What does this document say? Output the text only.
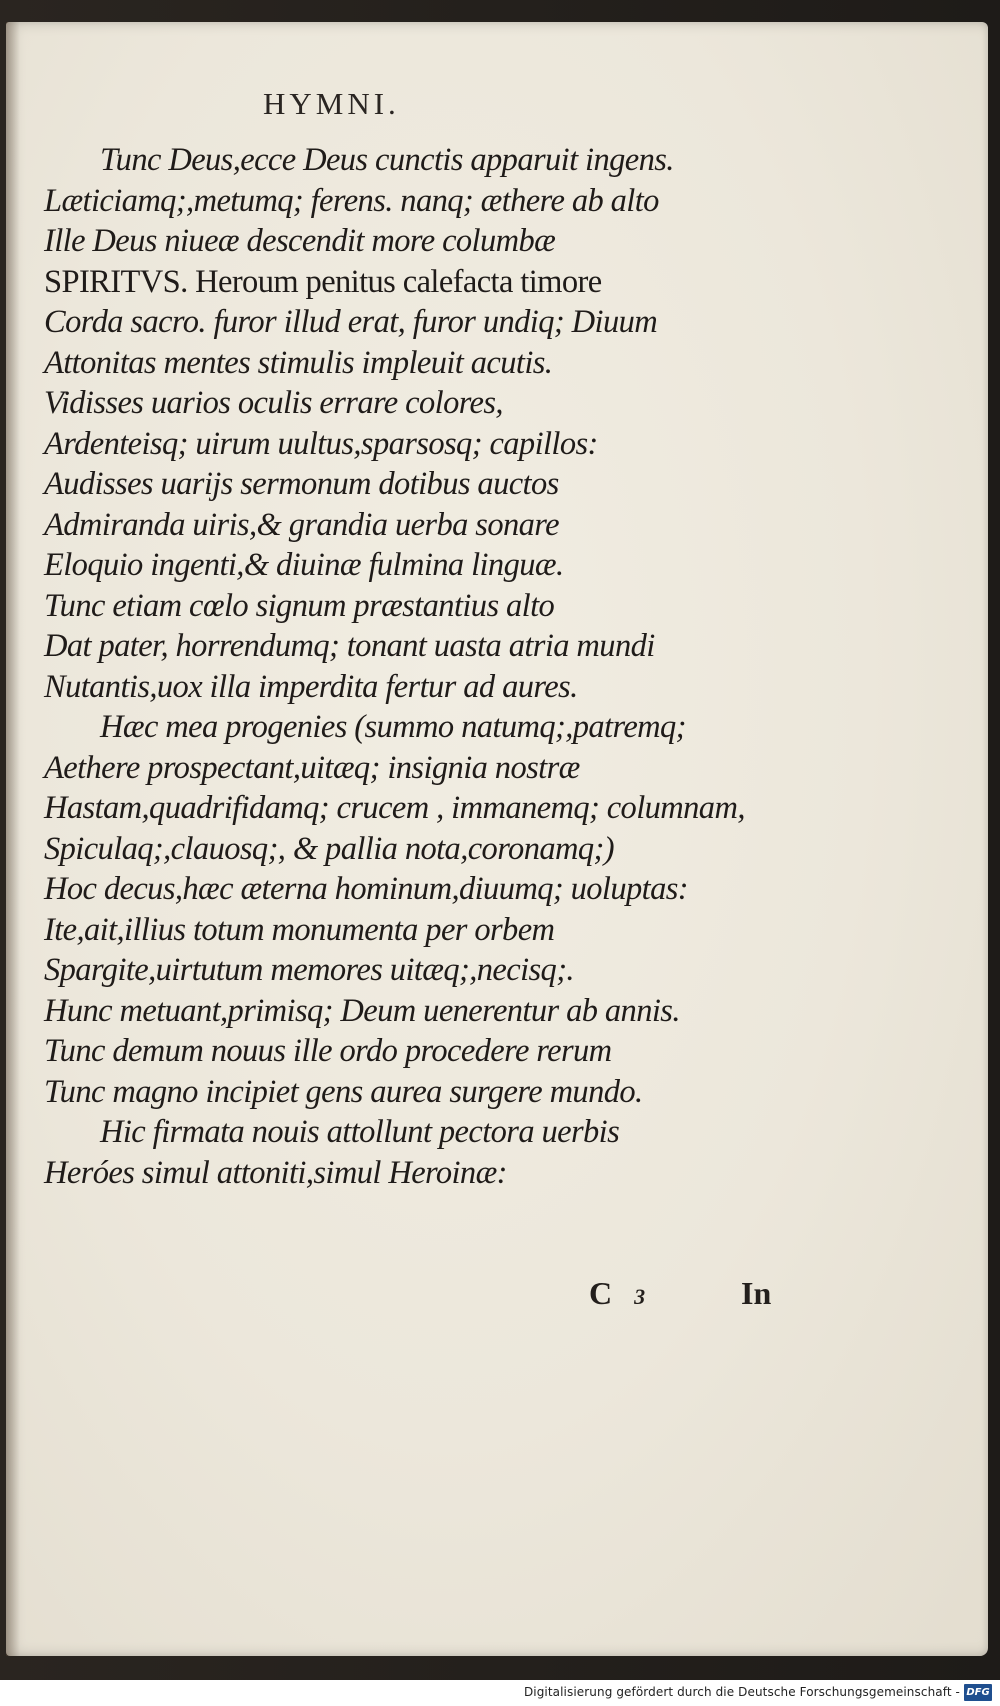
HYMNI.
Tunc Deus,ecce Deus cunctis apparuit ingens.
Læticiamq;,metumq; ferens. nanq; æthere ab alto
Ille Deus niueæ descendit more columbæ
SPIRITVS. Heroum penitus calefacta timore
Corda sacro. furor illud erat, furor undiq; Diuum
Attonitas mentes stimulis impleuit acutis.
Vidisses uarios oculis errare colores,
Ardenteisq; uirum uultus,sparsosq; capillos:
Audisses uarijs sermonum dotibus auctos
Admiranda uiris,& grandia uerba sonare
Eloquio ingenti,& diuinæ fulmina linguæ.
Tunc etiam cœlo signum præstantius alto
Dat pater, horrendumq; tonant uasta atria mundi
Nutantis,uox illa imperdita fertur ad aures.
Hæc mea progenies (summo natumq;,patremq;
Aethere prospectant,uitæq; insignia nostræ
Hastam,quadrifidamq; crucem , immanemq; columnam,
Spiculaq;,clauosq;, & pallia nota,coronamq;)
Hoc decus,hæc æterna hominum,diuumq; uoluptas:
Ite,ait,illius totum monumenta per orbem
Spargite,uirtutum memores uitæq;,necisq;.
Hunc metuant,primisq; Deum uenerentur ab annis.
Tunc demum nouus ille ordo procedere rerum
Tunc magno incipiet gens aurea surgere mundo.
Hic firmata nouis attollunt pectora uerbis
Heróes simul attoniti,simul Heroinæ:
C 3	In
Digitalisierung gefördert durch die Deutsche Forschungsgemeinschaft - DFG
